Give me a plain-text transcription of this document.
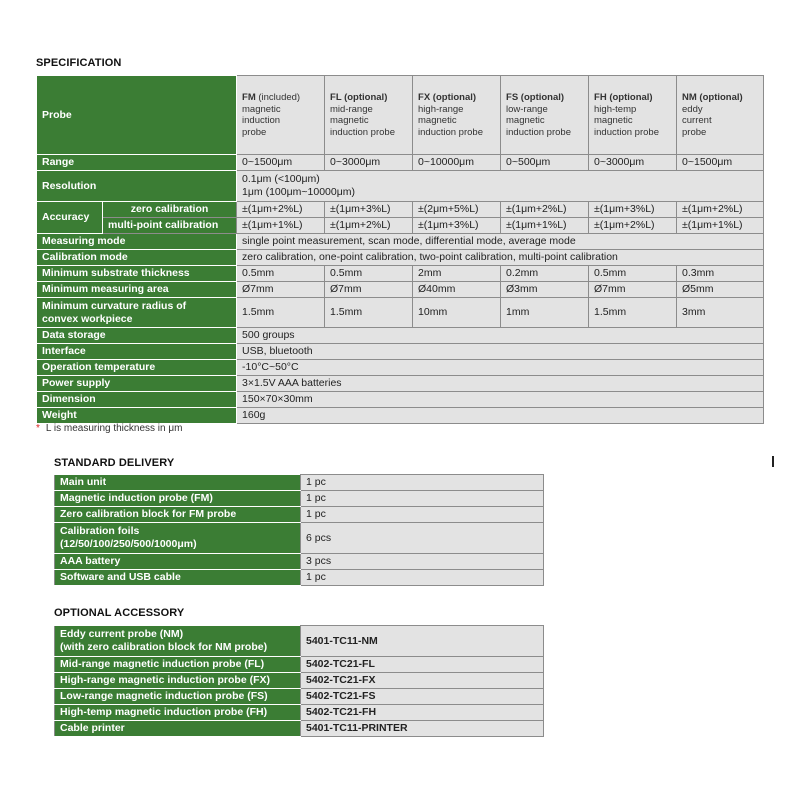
SPECIFICATION
Probe		FM (included)
magnetic
induction
probe	FL (optional)
mid-range
magnetic
induction probe	FX (optional)
high-range
magnetic
induction probe	FS (optional)
low-range
magnetic
induction probe	FH (optional)
high-temp
magnetic
induction probe	NM (optional)
eddy
current
probe

Range		0~1500μm	0~3000μm	0~10000μm	0~500μm	0~3000μm	0~1500μm
Resolution		0.1μm (<100μm)
1μm (100μm~10000μm)					

Accuracy	zero calibration	±(1μm+2%L)	±(1μm+3%L)	±(2μm+5%L)	±(1μm+2%L)	±(1μm+3%L)	±(1μm+2%L)
	multi-point calibration	±(1μm+1%L)	±(1μm+2%L)	±(1μm+3%L)	±(1μm+1%L)	±(1μm+2%L)	±(1μm+1%L)
Measuring mode		single point measurement, scan mode, differential mode, average mode					
Calibration mode		zero calibration, one-point calibration, two-point calibration, multi-point calibration					
Minimum substrate thickness		0.5mm	0.5mm	2mm	0.2mm	0.5mm	0.3mm
Minimum measuring area		Ø7mm	Ø7mm	Ø40mm	Ø3mm	Ø7mm	Ø5mm

Minimum curvature radius of
convex workpiece		1.5mm	1.5mm	10mm	1mm	1.5mm	3mm
Data storage		500 groups					
Interface		USB, bluetooth					
Operation temperature		-10°C~50°C					
Power supply		3×1.5V AAA batteries					
Dimension		150×70×30mm					
Weight		160g					
* L is measuring thickness in μm
STANDARD DELIVERY
Main unit	1 pc
Magnetic induction probe (FM)	1 pc
Zero calibration block for FM probe	1 pc

Calibration foils
(12/50/100/250/500/1000μm)	6 pcs
AAA battery	3 pcs
Software and USB cable	1 pc
OPTIONAL ACCESSORY
Eddy current probe (NM)
(with zero calibration block for NM probe)	5401-TC11-NM
Mid-range magnetic induction probe (FL)	5402-TC21-FL
High-range magnetic induction probe (FX)	5402-TC21-FX
Low-range magnetic induction probe (FS)	5402-TC21-FS
High-temp magnetic induction probe (FH)	5402-TC21-FH
Cable printer	5401-TC11-PRINTER
